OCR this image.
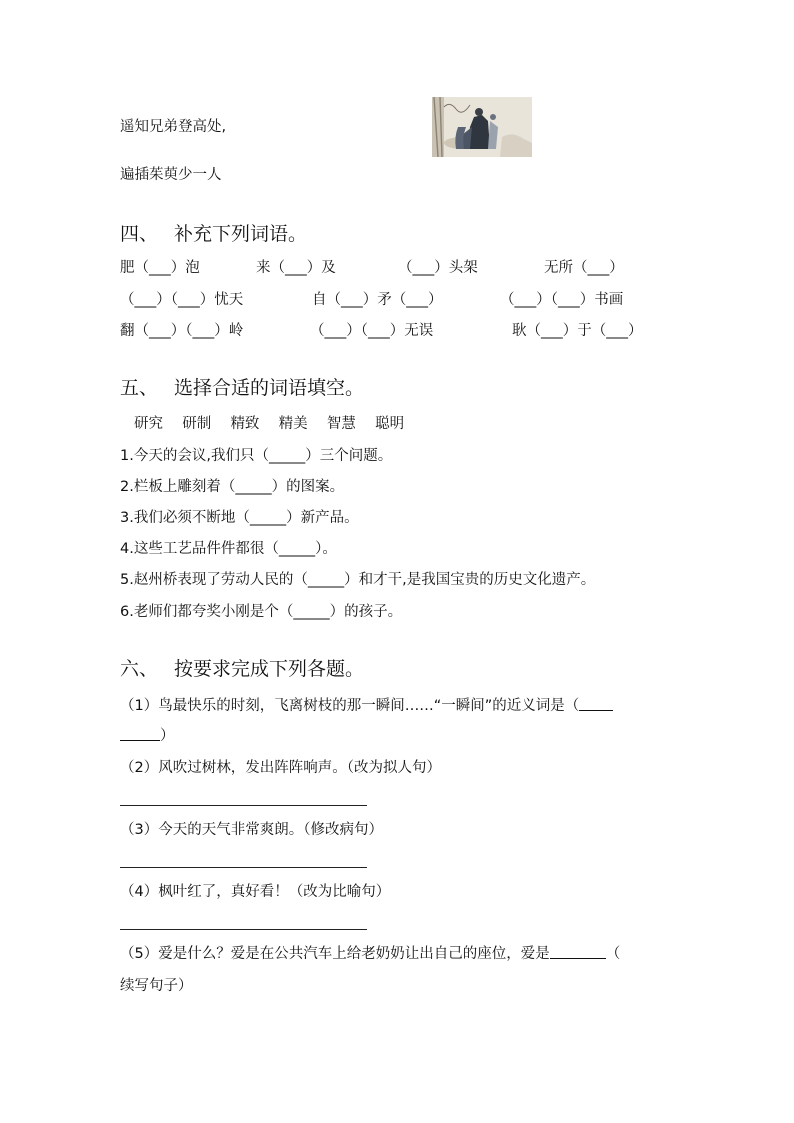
遥知兄弟登高处,
遍插茱萸少一人
四、 补充下列词语。
肥（___）泡	来（___）及	（___）头架	无所（___）
（___）（___）忧天	自（___）矛（___）	（___）（___）书画
翻（___）（___）岭	（___）（___）无误	耿（___）于（___）
五、 选择合适的词语填空。
研究 研制 精致 精美 智慧 聪明
1.今天的会议,我们只（_____）三个问题。
2.栏板上雕刻着（_____）的图案。
3.我们必须不断地（_____）新产品。
4.这些工艺品件件都很（_____）。
5.赵州桥表现了劳动人民的（_____）和才干,是我国宝贵的历史文化遗产。
6.老师们都夸奖小刚是个（_____）的孩子。
六、 按要求完成下列各题。
（1）鸟最快乐的时刻，飞离树枝的那一瞬间……“一瞬间”的近义词是（
）
（2）风吹过树林，发出阵阵响声。（改为拟人句）
（3）今天的天气非常爽朗。（修改病句）
（4）枫叶红了，真好看！（改为比喻句）
（5）爱是什么？爱是在公共汽车上给老奶奶让出自己的座位，爱是	（
续写句子）
